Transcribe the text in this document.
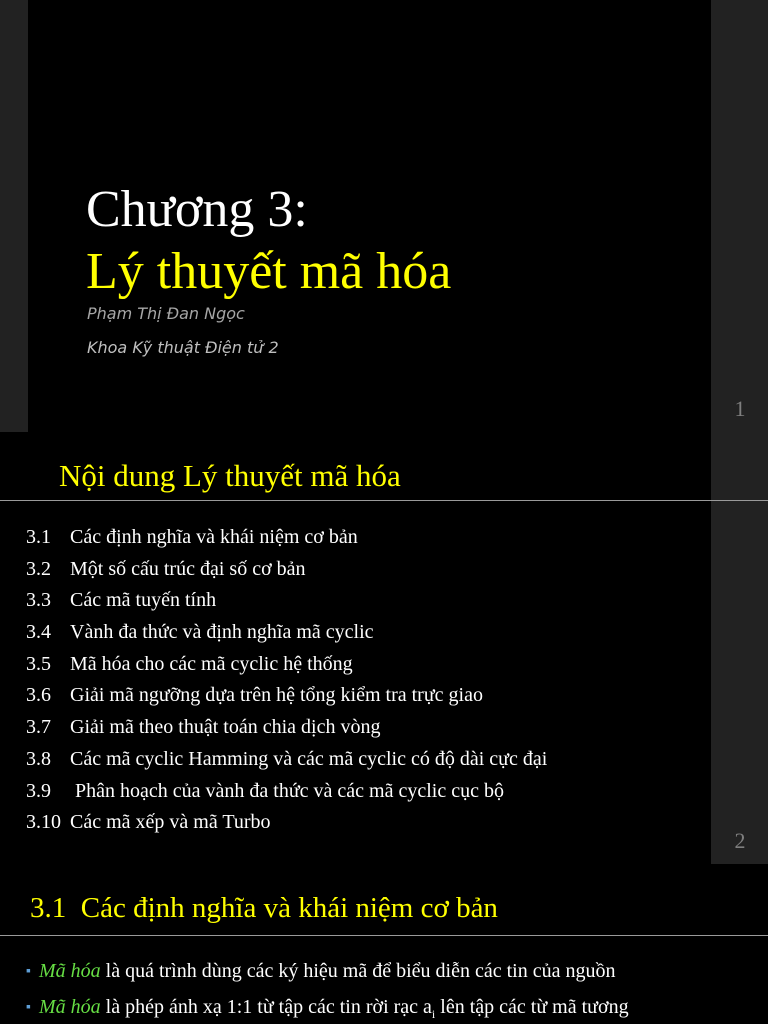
Chương 3:
Lý thuyết mã hóa
Phạm Thị Đan Ngọc
Khoa Kỹ thuật Điện tử 2
1
Nội dung Lý thuyết mã hóa
3.1 Các định nghĩa và khái niệm cơ bản
3.2 Một số cấu trúc đại số cơ bản
3.3 Các mã tuyến tính
3.4 Vành đa thức và định nghĩa mã cyclic
3.5 Mã hóa cho các mã cyclic hệ thống
3.6 Giải mã ngưỡng dựa trên hệ tổng kiểm tra trực giao
3.7 Giải mã theo thuật toán chia dịch vòng
3.8 Các mã cyclic Hamming và các mã cyclic có độ dài cực đại
3.9 Phân hoạch của vành đa thức và các mã cyclic cục bộ
3.10 Các mã xếp và mã Turbo
2
3.1  Các định nghĩa và khái niệm cơ bản
▪ Mã hóa là quá trình dùng các ký hiệu mã để biểu diễn các tin của nguồn
▪ Mã hóa là phép ánh xạ 1:1 từ tập các tin rời rạc $a_i$ lên tập các từ mã tương
